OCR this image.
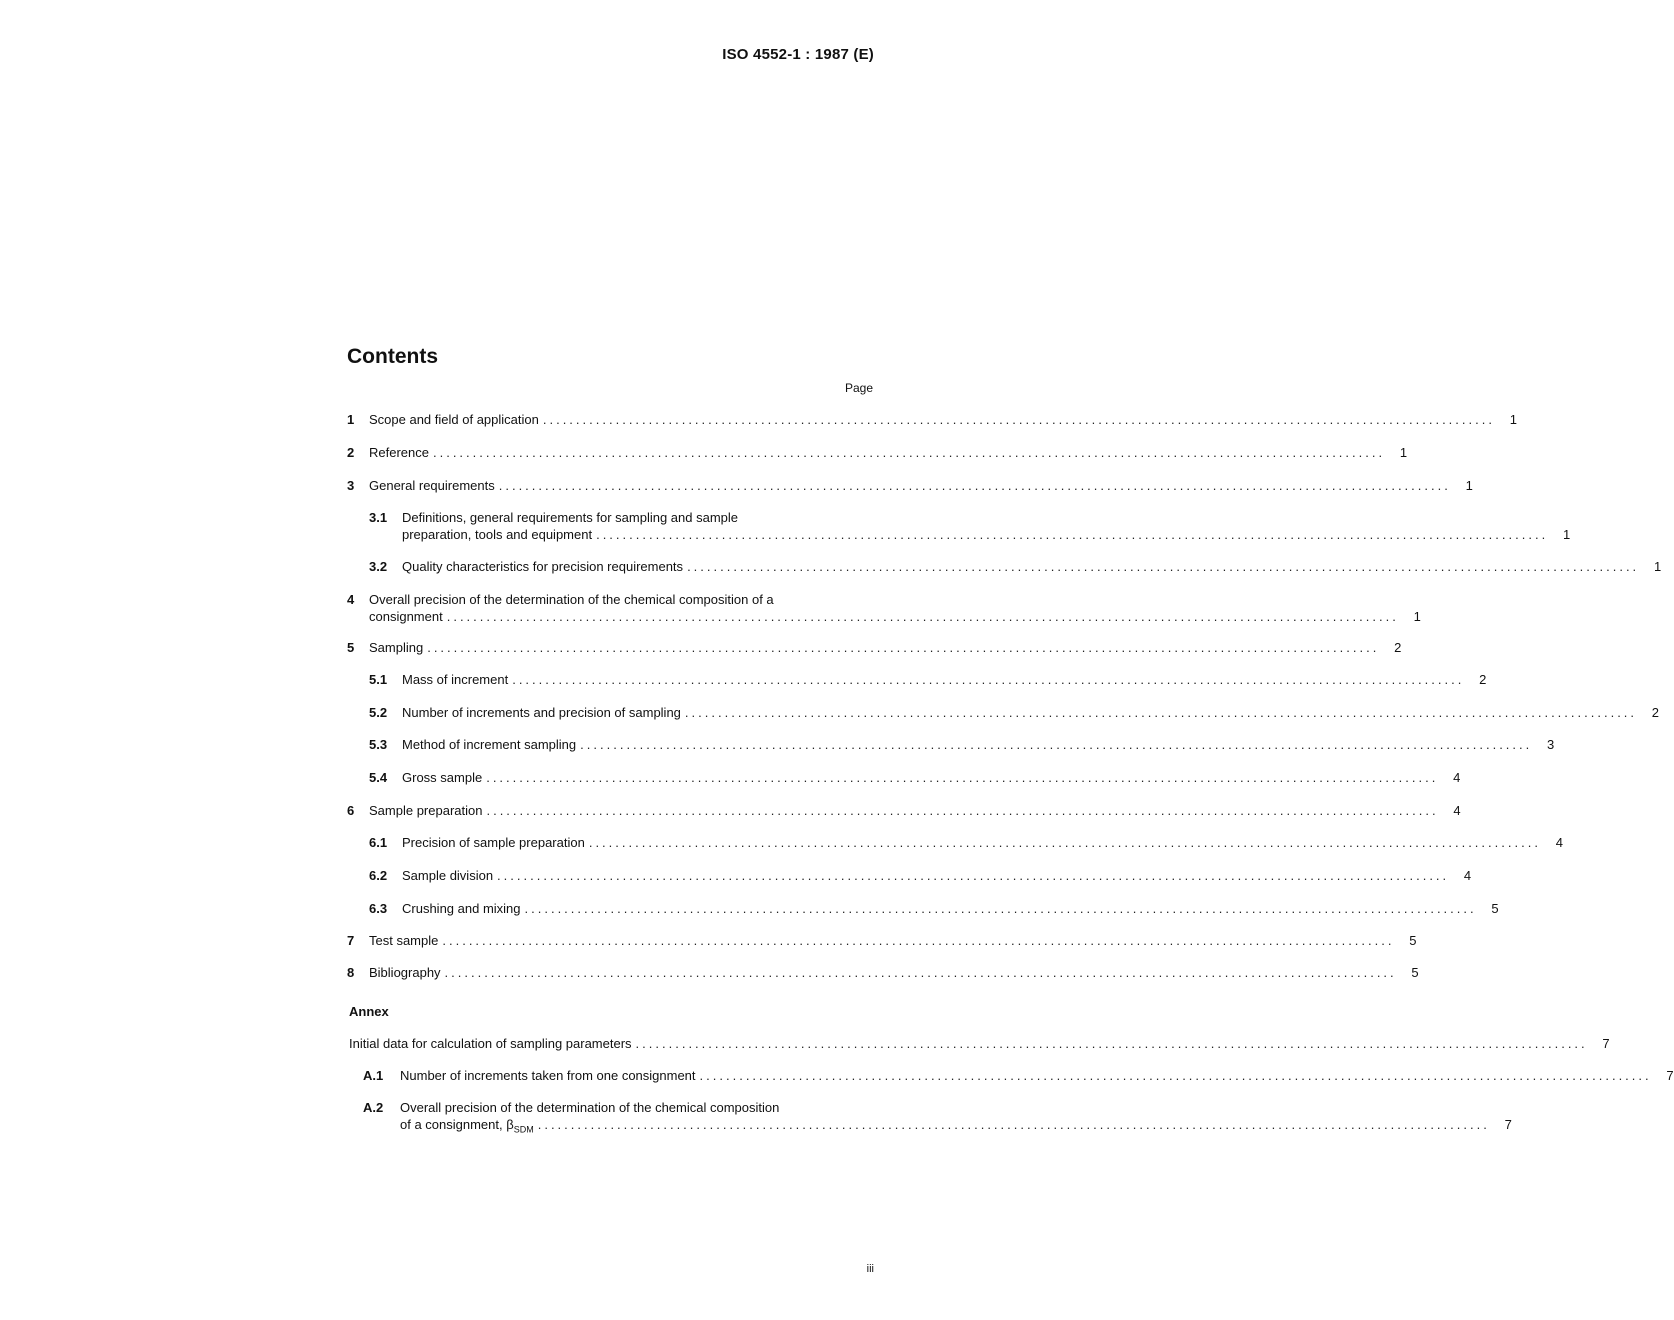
ISO 4552-1 : 1987 (E)
Contents
Page
1 Scope and field of application ................................................................................................................................................	1
2 Reference ................................................................................................................................................	1
3 General requirements ................................................................................................................................................	1
3.1 Definitions, general requirements for sampling and sample
preparation, tools and equipment ................................................................................................................................................	1
3.2 Quality characteristics for precision requirements ................................................................................................................................................	1
4 Overall precision of the determination of the chemical composition of a
consignment ................................................................................................................................................	1
5 Sampling ................................................................................................................................................	2
5.1 Mass of increment ................................................................................................................................................	2
5.2 Number of increments and precision of sampling ................................................................................................................................................	2
5.3 Method of increment sampling ................................................................................................................................................	3
5.4 Gross sample ................................................................................................................................................	4
6 Sample preparation ................................................................................................................................................	4
6.1 Precision of sample preparation ................................................................................................................................................	4
6.2 Sample division ................................................................................................................................................	4
6.3 Crushing and mixing ................................................................................................................................................	5
7 Test sample ................................................................................................................................................	5
8 Bibliography ................................................................................................................................................	5
Annex
Initial data for calculation of sampling parameters ................................................................................................................................................	7
A.1 Number of increments taken from one consignment ................................................................................................................................................	7
A.2 Overall precision of the determination of the chemical composition
of a consignment, $\beta_{SDM}$ ................................................................................................................................................	7
iii
